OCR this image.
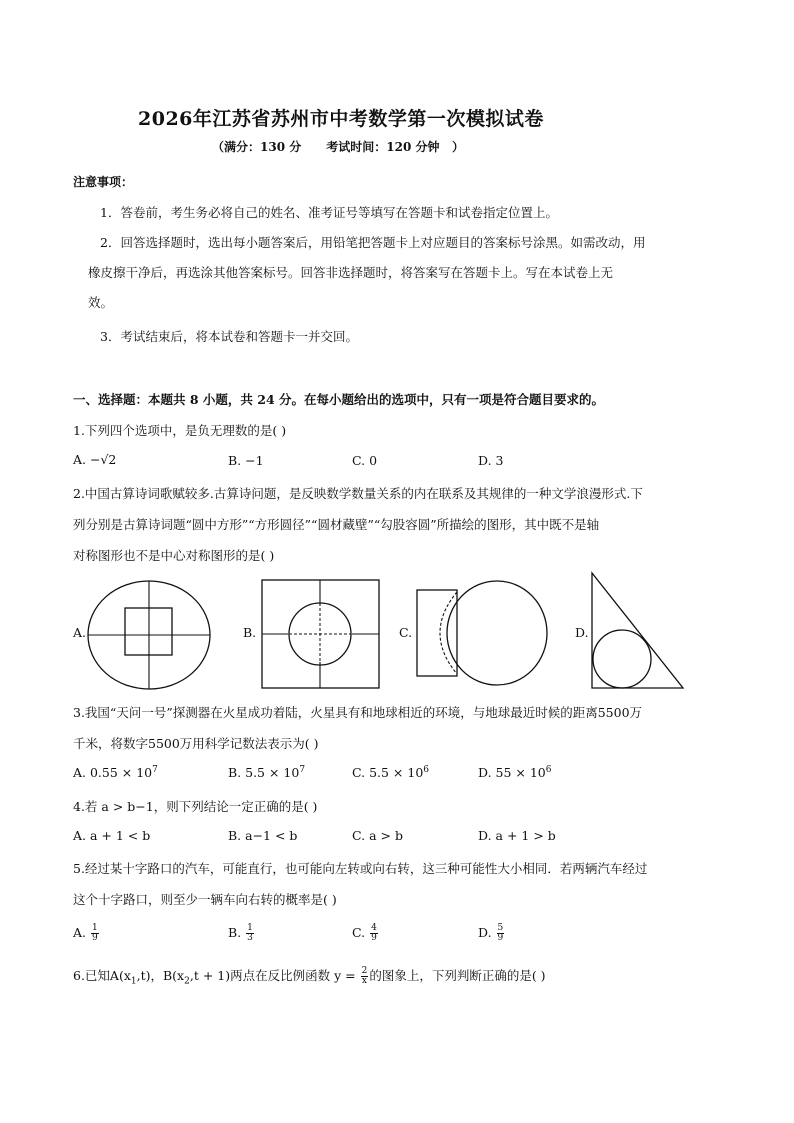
2026年江苏省苏州市中考数学第一次模拟试卷
（满分：130 分      考试时间：120 分钟   ）
注意事项：
1．答卷前，考生务必将自己的姓名、准考证号等填写在答题卡和试卷指定位置上。
2．回答选择题时，选出每小题答案后，用铅笔把答题卡上对应题目的答案标号涂黑。如需改动，用
橡皮擦干净后，再选涂其他答案标号。回答非选择题时，将答案写在答题卡上。写在本试卷上无
效。
3．考试结束后，将本试卷和答题卡一并交回。
一、选择题：本题共 8 小题，共 24 分。在每小题给出的选项中，只有一项是符合题目要求的。
1.下列四个选项中，是负无理数的是( )
A. −√2	B. −1	C. 0	D. 3
2.中国古算诗词歌赋较多.古算诗问题，是反映数学数量关系的内在联系及其规律的一种文学浪漫形式.下
列分别是古算诗词题“圆中方形”“方形圆径”“圆材藏壁”“勾股容圆”所描绘的图形，其中既不是轴
对称图形也不是中心对称图形的是( )
A.	B.	C.	D.
3.我国“天问一号”探测器在火星成功着陆，火星具有和地球相近的环境，与地球最近时候的距离5500万
千米，将数字5500万用科学记数法表示为( )
A. $0.55 \times 10^7$	B. $5.5 \times 10^7$	C. $5.5 \times 10^6$	D. $55 \times 10^6$
4.若 a > b−1，则下列结论一定正确的是( )
A. a + 1 < b	B. a−1 < b	C. a > b	D. a + 1 > b
5.经过某十字路口的汽车，可能直行，也可能向左转或向右转，这三种可能性大小相同．若两辆汽车经过
这个十字路口，则至少一辆车向右转的概率是( )
A. $\frac{1}{9}$	B. $\frac{1}{3}$	C. $\frac{4}{9}$	D. $\frac{5}{9}$
6.已知$A(x_1,t)$，$B(x_2,t + 1)$两点在反比例函数 $y = \frac{2}{x}$ 的图象上，下列判断正确的是( )
